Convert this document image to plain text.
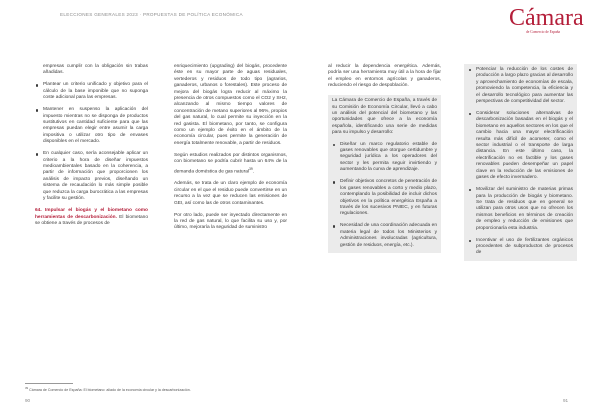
ELECCIONES GENERALES 2023 · PROPUESTAS DE POLÍTICA ECONÓMICA	Cámara
de Comercio de España

empresas cumplir con la obligación sin trabas añadidas.

Plantear un criterio unificado y objetivo para el cálculo de la base imponible que no suponga coste adicional para las empresas.
Mantener en suspenso la aplicación del impuesto mientras no se disponga de productos sustitutivos en cantidad suficiente para que las empresas puedan elegir entre asumir la carga impositiva o utilizar otro tipo de envases disponibles en el mercado.
En cualquier caso, sería aconsejable aplicar un criterio a la hora de diseñar impuestos medioambientales basado en la coherencia, a partir de información que proporcionen los análisis de impacto previos, diseñando un sistema de recaudación lo más simple posible que reduzca la carga burocrática a las empresas y facilite su gestión.

64. Impulsar el biogás y el biometano como herramientas de descarbonización. El biometano se obtiene a través de procesos de

enriquecimiento (upgrading) del biogás, procedente éste en su mayor parte de aguas residuales, vertederos y residuos de todo tipo (agrarios, ganaderos, urbanos o forestales). Este proceso de mejora del biogás logra reducir al máximo la presencia de otros compuestos como el CO2 y SH2, alcanzando al mismo tiempo valores de concentración de metano superiores al 96%, propios del gas natural, lo cual permite su inyección en la red gasista. El biometano, por tanto, se configura como un ejemplo de éxito en el ámbito de la economía circular, pues permite la generación de energía totalmente renovable, a partir de residuos.

Según estudios realizados por distintos organismos, con biometano se podría cubrir hasta un 64% de la demanda doméstica de gas natural$^{39}$.

Además, se trata de un claro ejemplo de economía circular en el que el residuo puede convertirse en un recurso a la vez que se reducen las emisiones de GEI, así como las de otros contaminantes.

Por otro lado, puede ser inyectado directamente en la red de gas natural, lo que facilita su uso y, por último, mejoraría la seguridad de suministro

al reducir la dependencia energética. Además, podría ser una herramienta muy útil a la hora de fijar el empleo en entornos agrícolas y ganaderos, reduciendo el riesgo de despoblación.

La Cámara de Comercio de España, a través de su Comisión de Economía Circular, llevó a cabo un análisis del potencial del biometano y las oportunidades que ofrece a la economía española, identificando una serie de medidas para su impulso y desarrollo:

Diseñar un marco regulatorio estable de gases renovables que otorgue certidumbre y seguridad jurídica a los operadores del sector y les permita seguir invirtiendo y aumentando la curva de aprendizaje.
Definir objetivos concretos de penetración de los gases renovables a corto y medio plazo, contemplando la posibilidad de incluir dichos objetivos en la política energética España a través de los sucesivos PNIEC, y en futuras regulaciones.
Necesidad de una coordinación adecuada en materia legal de todos los Ministerios y Administraciones involucradas (agricultura, gestión de residuos, energía, etc.).
Potenciar la reducción de los costes de producción a largo plazo gracias al desarrollo y aprovechamiento de economías de escala, promoviendo la competencia, la eficiencia y el desarrollo tecnológico para aumentar las perspectivas de competitividad del sector.
Considerar soluciones alternativas de descarbonización basadas en el biogás y el biometano en aquellos sectores en los que el cambio hacia una mayor electrificación resulta más difícil de acometer, como el sector industrial o el transporte de larga distancia. En este último caso, la electrificación no es factible y los gases renovables pueden desempeñar un papel clave en la reducción de las emisiones de gases de efecto invernadero.
Movilizar del suministro de materias primas para la producción de biogás y biometano. Se trata de residuos que en general se utilizan para otros usos que no ofrecen los mismos beneficios en términos de creación de empleo y reducción de emisiones que proporcionaría esta industria.
Incentivar el uso de fertilizantes orgánicos procedentes de subproductos de procesos de
$^{39}$ Cámara de Comercio de España: El biometano: aliado de la economía circular y la descarbonización.
90	91
